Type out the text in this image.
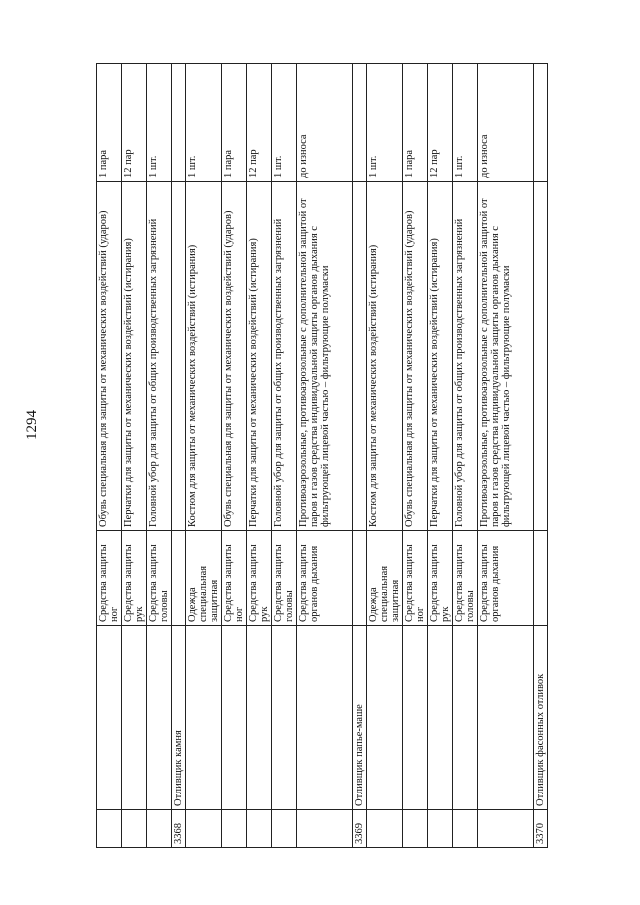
1294
		Средства защиты ног	Обувь специальная для защиты от механических воздействий (ударов)	1 пара
		Средства защиты рук	Перчатки для защиты от механических воздействий (истирания)	12 пар
		Средства защиты головы	Головной убор для защиты от общих производственных загрязнений	1 шт.
3368	Отливщик камня			
		Одежда специальная защитная	Костюм для защиты от механических воздействий (истирания)	1 шт.
		Средства защиты ног	Обувь специальная для защиты от механических воздействий (ударов)	1 пара
		Средства защиты рук	Перчатки для защиты от механических воздействий (истирания)	12 пар
		Средства защиты головы	Головной убор для защиты от общих производственных загрязнений	1 шт.
		Средства защиты органов дыхания	Противоаэрозольные, противоаэрозольные с дополнительной защитой от паров и газов средства индивидуальной защиты органов дыхания с фильтрующей лицевой частью – фильтрующие полумаски	до износа
3369	Отливщик папье-маше			
		Одежда специальная защитная	Костюм для защиты от механических воздействий (истирания)	1 шт.
		Средства защиты ног	Обувь специальная для защиты от механических воздействий (ударов)	1 пара
		Средства защиты рук	Перчатки для защиты от механических воздействий (истирания)	12 пар
		Средства защиты головы	Головной убор для защиты от общих производственных загрязнений	1 шт.
		Средства защиты органов дыхания	Противоаэрозольные, противоаэрозольные с дополнительной защитой от паров и газов средства индивидуальной защиты органов дыхания с фильтрующей лицевой частью – фильтрующие полумаски	до износа
3370	Отливщик фасонных отливок			
